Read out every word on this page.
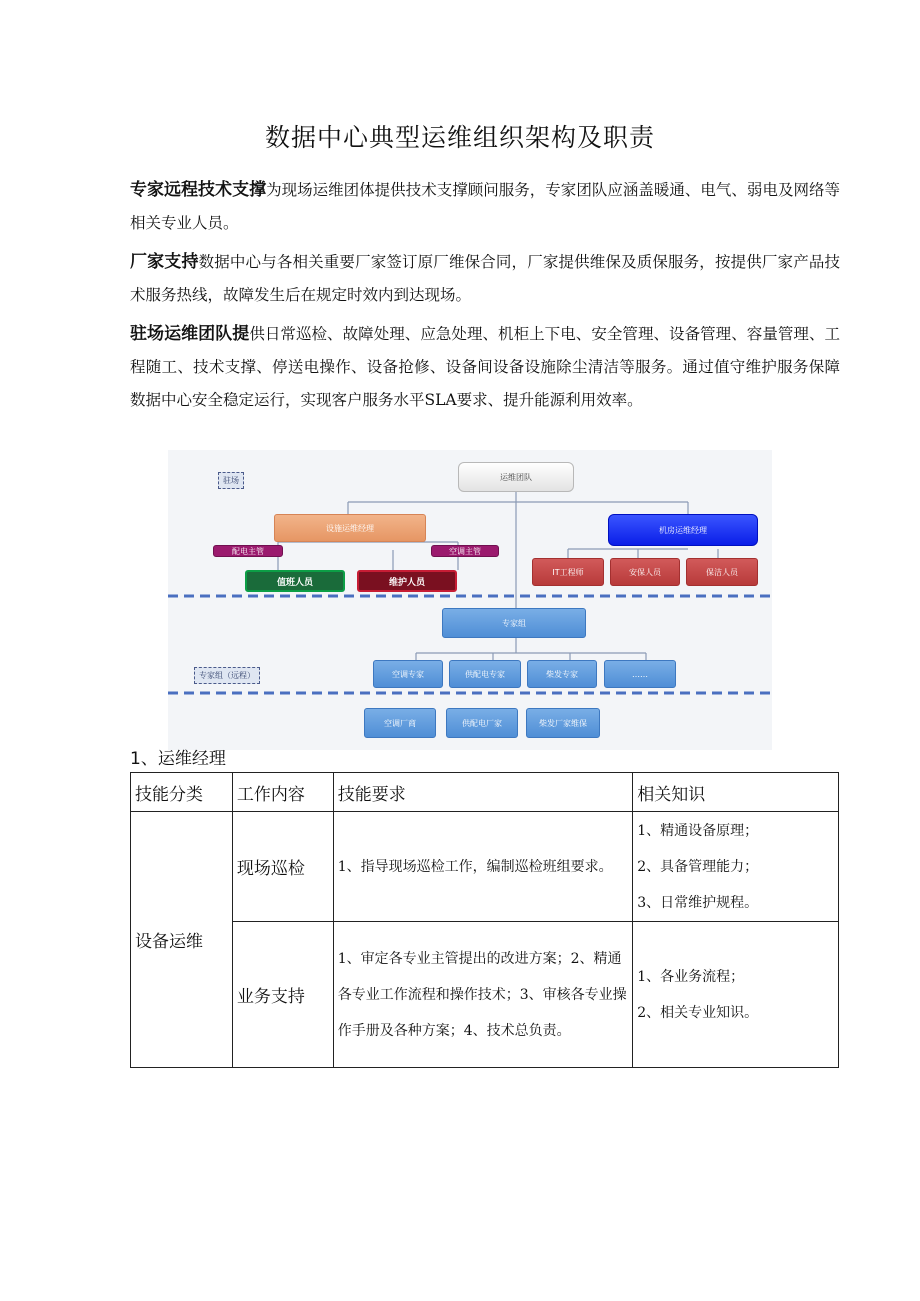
数据中心典型运维组织架构及职责
专家远程技术支撑为现场运维团体提供技术支撑顾问服务，专家团队应涵盖暖通、电气、弱电及网络等相关专业人员。
厂家支持数据中心与各相关重要厂家签订原厂维保合同，厂家提供维保及质保服务，按提供厂家产品技术服务热线，故障发生后在规定时效内到达现场。
驻场运维团队提供日常巡检、故障处理、应急处理、机柜上下电、安全管理、设备管理、容量管理、工程随工、技术支撑、停送电操作、设备抢修、设备间设备设施除尘清洁等服务。通过值守维护服务保障数据中心安全稳定运行，实现客户服务水平SLA要求、提升能源利用效率。
驻场
专家组（远程）
运维团队
设施运维经理
配电主管	空调主管
值班人员	维护人员
机房运维经理
IT工程师	安保人员	保洁人员
专家组
空调专家	供配电专家	柴发专家	……
空调厂商	供配电厂家	柴发厂家维保
1、运维经理
技能分类	工作内容	技能要求	相关知识
设备运维	现场巡检	1、指导现场巡检工作，编制巡检班组要求。	1、精通设备原理；
2、具备管理能力；
3、日常维护规程。

	业务支持	1、审定各专业主管提出的改进方案；2、精通各专业工作流程和操作技术；3、审核各专业操作手册及各种方案；4、技术总负责。	1、各业务流程；
2、相关专业知识。
